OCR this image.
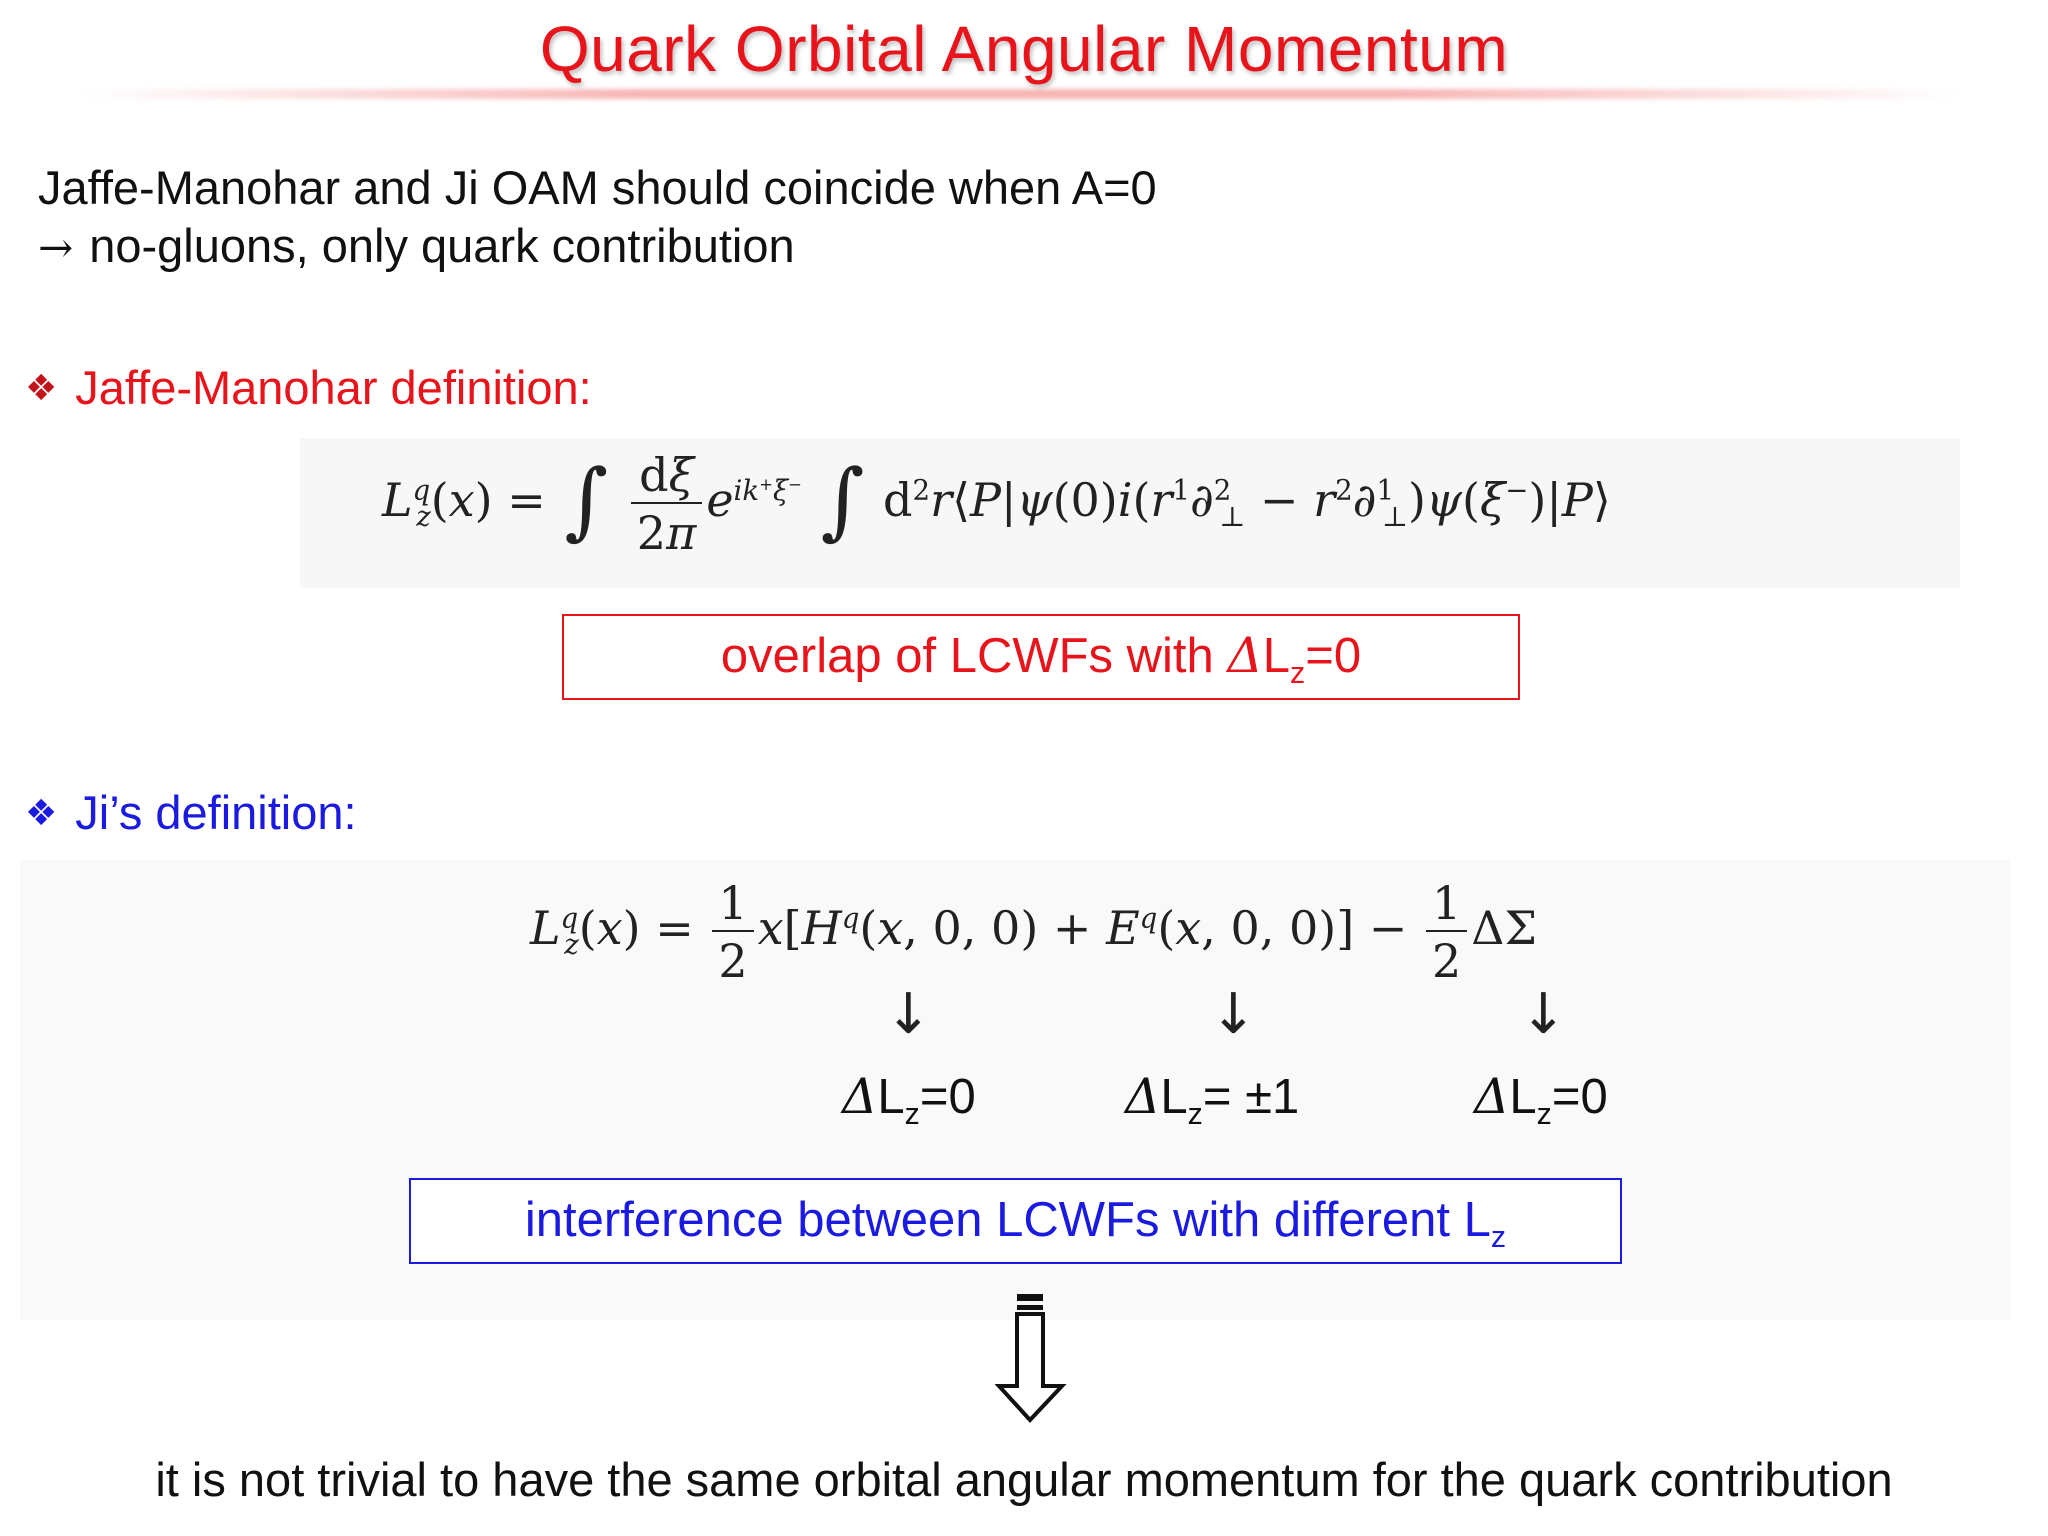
Quark Orbital Angular Momentum
Jaffe-Manohar and Ji OAM should coincide when A=0
→ no-gluons, only quark contribution
❖ Jaffe-Manohar definition:
$L^q_z(x)$ = ∫ $\frac{d\xi}{2\pi} e^{ik^+\xi^-}$ ∫ $d^2r⟨P|\psi(0)i(r^1\partial^2_\perp$ − $r^2\partial^1_\perp)\psi(\xi^-)|P⟩$
overlap of LCWFs with $\Delta L_z=0$
❖ Ji’s definition:
$L^q_z(x) = \frac{1}{2} x[H^q(x$, 0, $0) + E^q(x$, 0, $0)] - \frac{1}{2}$ ΔΣ
↓	↓	↓
$\Delta L_z=0$	$\Delta L_z= \pm 1$	$\Delta L_z=0$
interference between LCWFs with different $L_z$
it is not trivial to have the same orbital angular momentum for the quark contribution
